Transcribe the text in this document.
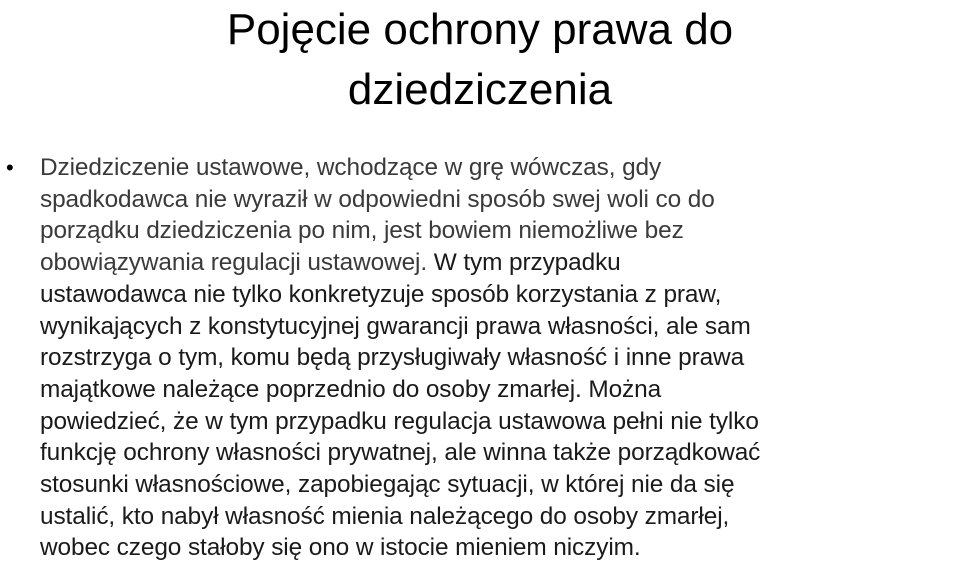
Pojęcie ochrony prawa do
dziedziczenia
• Dziedziczenie ustawowe, wchodzące w grę wówczas, gdy
spadkodawca nie wyraził w odpowiedni sposób swej woli co do
porządku dziedziczenia po nim, jest bowiem niemożliwe bez
obowiązywania regulacji ustawowej. W tym przypadku
ustawodawca nie tylko konkretyzuje sposób korzystania z praw,
wynikających z konstytucyjnej gwarancji prawa własności, ale sam
rozstrzyga o tym, komu będą przysługiwały własność i inne prawa
majątkowe należące poprzednio do osoby zmarłej. Można
powiedzieć, że w tym przypadku regulacja ustawowa pełni nie tylko
funkcję ochrony własności prywatnej, ale winna także porządkować
stosunki własnościowe, zapobiegając sytuacji, w której nie da się
ustalić, kto nabył własność mienia należącego do osoby zmarłej,
wobec czego stałoby się ono w istocie mieniem niczyim.
